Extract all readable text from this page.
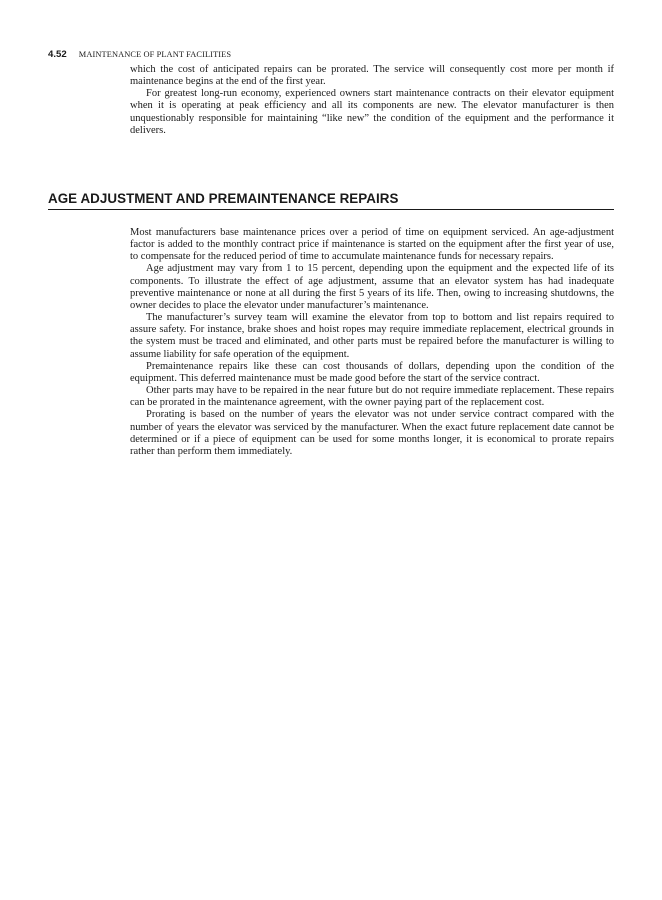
4.52 MAINTENANCE OF PLANT FACILITIES

which the cost of anticipated repairs can be prorated. The service will consequently cost more per month if maintenance begins at the end of the first year.

For greatest long-run economy, experienced owners start maintenance contracts on their elevator equipment when it is operating at peak efficiency and all its components are new. The elevator manufacturer is then unquestionably responsible for maintaining “like new” the condition of the equipment and the performance it delivers.

AGE ADJUSTMENT AND PREMAINTENANCE REPAIRS

Most manufacturers base maintenance prices over a period of time on equipment serviced. An age-adjustment factor is added to the monthly contract price if maintenance is started on the equipment after the first year of use, to compensate for the reduced period of time to accumulate maintenance funds for necessary repairs.

Age adjustment may vary from 1 to 15 percent, depending upon the equipment and the expected life of its components. To illustrate the effect of age adjustment, assume that an elevator system has had inadequate preventive maintenance or none at all during the first 5 years of its life. Then, owing to increasing shutdowns, the owner decides to place the elevator under manufacturer’s maintenance.

The manufacturer’s survey team will examine the elevator from top to bottom and list repairs required to assure safety. For instance, brake shoes and hoist ropes may require immediate replacement, electrical grounds in the system must be traced and eliminated, and other parts must be repaired before the manufacturer is willing to assume liability for safe operation of the equipment.

Premaintenance repairs like these can cost thousands of dollars, depending upon the condition of the equipment. This deferred maintenance must be made good before the start of the service contract.

Other parts may have to be repaired in the near future but do not require immediate replacement. These repairs can be prorated in the maintenance agreement, with the owner paying part of the replacement cost.

Prorating is based on the number of years the elevator was not under service contract compared with the number of years the elevator was serviced by the manufacturer. When the exact future replacement date cannot be determined or if a piece of equipment can be used for some months longer, it is economical to prorate repairs rather than perform them immediately.
